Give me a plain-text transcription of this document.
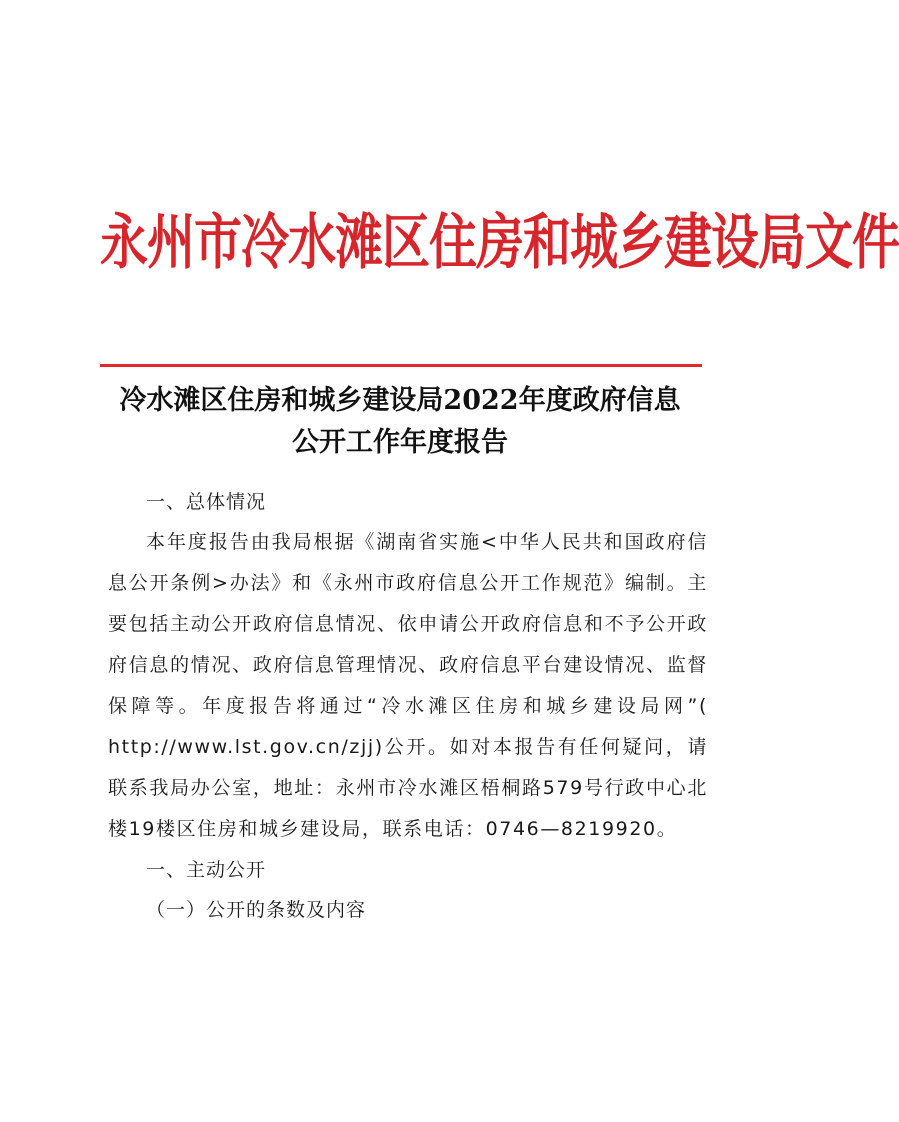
永州市冷水滩区住房和城乡建设局文件
冷水滩区住房和城乡建设局2022年度政府信息
公开工作年度报告

一、总体情况

本年度报告由我局根据《湖南省实施<中华人民共和国政府信息公开条例>办法》和《永州市政府信息公开工作规范》编制。主要包括主动公开政府信息情况、依申请公开政府信息和不予公开政府信息的情况、政府信息管理情况、政府信息平台建设情况、监督保障等。年度报告将通过“冷水滩区住房和城乡建设局网”( http://www.lst.gov.cn/zjj)公开。如对本报告有任何疑问，请联系我局办公室，地址：永州市冷水滩区梧桐路579号行政中心北楼19楼区住房和城乡建设局，联系电话：0746—8219920。

一、主动公开

（一）公开的条数及内容
